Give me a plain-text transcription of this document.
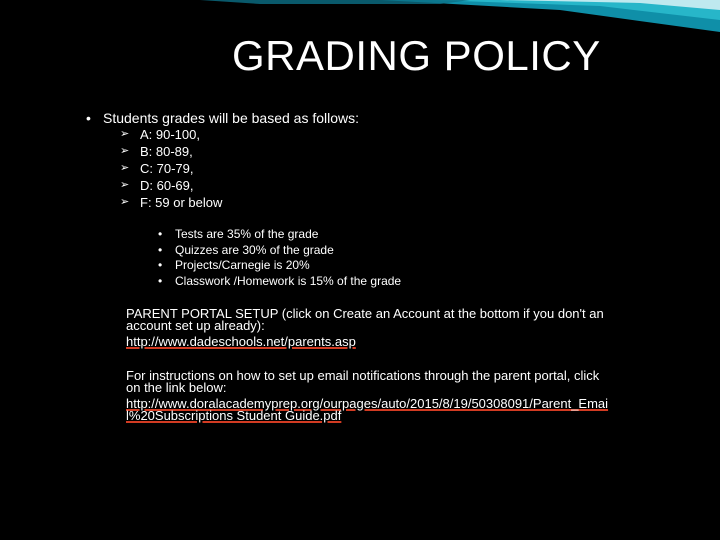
GRADING POLICY
• Students grades will be based as follows:
➢ A: 90-100,
➢ B: 80-89,
➢ C: 70-79,
➢ D: 60-69,
➢ F: 59 or below
•	Tests are 35% of the grade
•	Quizzes are 30% of the grade
•	Projects/Carnegie is 20%
•	Classwork /Homework is 15% of the grade
PARENT PORTAL SETUP (click on Create an Account at the bottom if you don't an account set up already):
http://www.dadeschools.net/parents.asp
For instructions on how to set up email notifications through the parent portal, click on the link below:
http://www.doralacademyprep.org/ourpages/auto/2015/8/19/50308091/Parent_Email%20Subscriptions Student Guide.pdf
